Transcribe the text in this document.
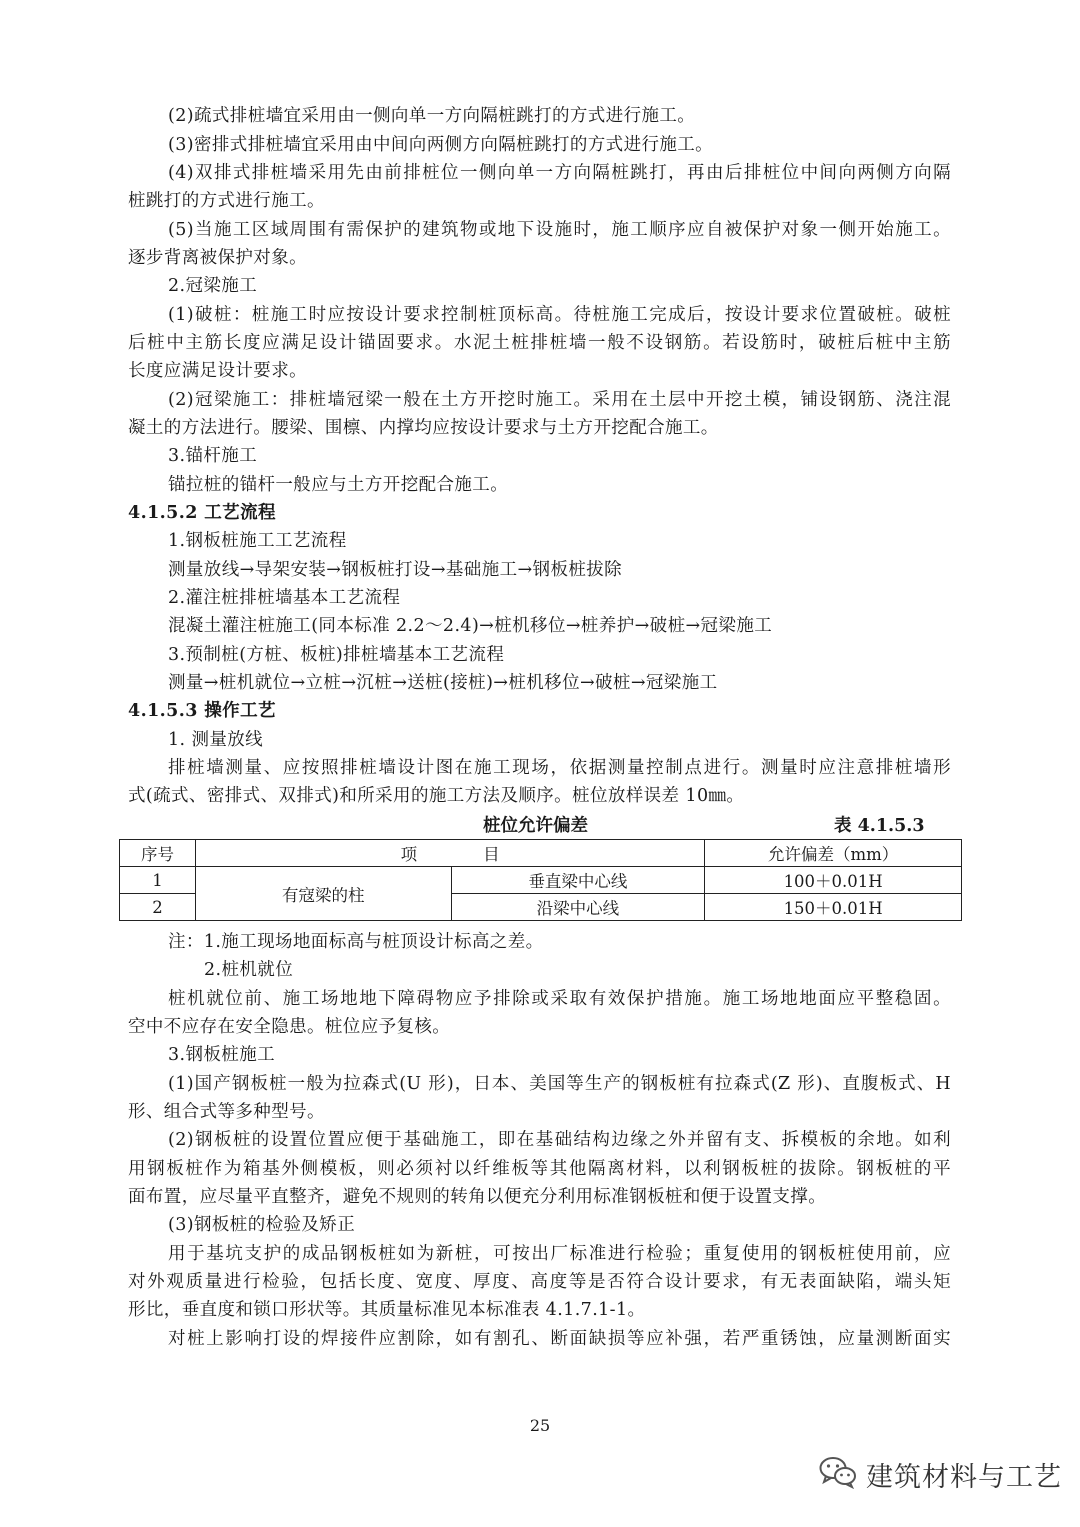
(2)疏式排桩墙宜采用由一侧向单一方向隔桩跳打的方式进行施工。
(3)密排式排桩墙宜采用由中间向两侧方向隔桩跳打的方式进行施工。
(4)双排式排桩墙采用先由前排桩位一侧向单一方向隔桩跳打，再由后排桩位中间向两侧方向隔
桩跳打的方式进行施工。
(5)当施工区域周围有需保护的建筑物或地下设施时，施工顺序应自被保护对象一侧开始施工。
逐步背离被保护对象。
2.冠梁施工
(1)破桩：桩施工时应按设计要求控制桩顶标高。待桩施工完成后，按设计要求位置破桩。破桩
后桩中主筋长度应满足设计锚固要求。水泥土桩排桩墙一般不设钢筋。若设筋时，破桩后桩中主筋
长度应满足设计要求。
(2)冠梁施工：排桩墙冠梁一般在土方开挖时施工。采用在土层中开挖土模，铺设钢筋、浇注混
凝土的方法进行。腰梁、围檩、内撑均应按设计要求与土方开挖配合施工。
3.锚杆施工
锚拉桩的锚杆一般应与土方开挖配合施工。
4.1.5.2 工艺流程
1.钢板桩施工工艺流程
测量放线→导架安装→钢板桩打设→基础施工→钢板桩拔除
2.灌注桩排桩墙基本工艺流程
混凝土灌注桩施工(同本标准 2.2～2.4)→桩机移位→桩养护→破桩→冠梁施工
3.预制桩(方桩、板桩)排桩墙基本工艺流程
测量→桩机就位→立桩→沉桩→送桩(接桩)→桩机移位→破桩→冠梁施工
4.1.5.3 操作工艺
1. 测量放线
排桩墙测量、应按照排桩墙设计图在施工现场，依据测量控制点进行。测量时应注意排桩墙形
式(疏式、密排式、双排式)和所采用的施工方法及顺序。桩位放样误差 10㎜。
桩位允许偏差	表 4.1.5.3
序号	项　　　　目		允许偏差（mm）
1	有寇梁的柱	垂直梁中心线	100＋0.01H
2		沿梁中心线	150＋0.01H
注：1.施工现场地面标高与桩顶设计标高之差。
2.桩机就位
桩机就位前、施工场地地下障碍物应予排除或采取有效保护措施。施工场地地面应平整稳固。
空中不应存在安全隐患。桩位应予复核。
3.钢板桩施工
(1)国产钢板桩一般为拉森式(U 形)，日本、美国等生产的钢板桩有拉森式(Z 形)、直腹板式、H
形、组合式等多种型号。
(2)钢板桩的设置位置应便于基础施工，即在基础结构边缘之外并留有支、拆模板的余地。如利
用钢板桩作为箱基外侧模板，则必须衬以纤维板等其他隔离材料，以利钢板桩的拔除。钢板桩的平
面布置，应尽量平直整齐，避免不规则的转角以便充分利用标准钢板桩和便于设置支撑。
(3)钢板桩的检验及矫正
用于基坑支护的成品钢板桩如为新桩，可按出厂标准进行检验；重复使用的钢板桩使用前，应
对外观质量进行检验，包括长度、宽度、厚度、高度等是否符合设计要求，有无表面缺陷，端头矩
形比，垂直度和锁口形状等。其质量标准见本标准表 4.1.7.1-1。
对桩上影响打设的焊接件应割除，如有割孔、断面缺损等应补强，若严重锈蚀，应量测断面实
25
建筑材料与工艺
